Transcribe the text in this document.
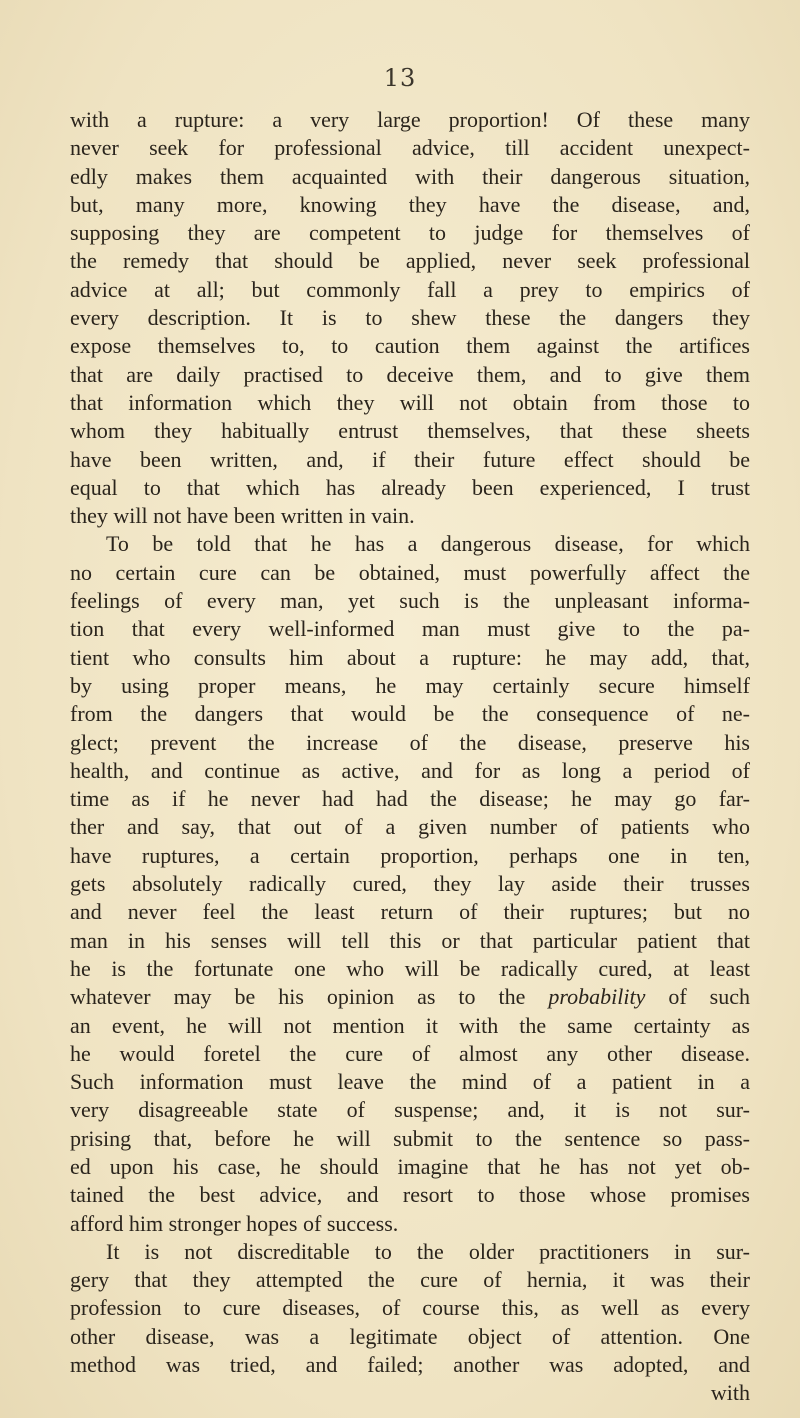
13
with a rupture: a very large proportion! Of these many
never seek for professional advice, till accident unexpect-
edly makes them acquainted with their dangerous situation,
but, many more, knowing they have the disease, and,
supposing they are competent to judge for themselves of
the remedy that should be applied, never seek professional
advice at all; but commonly fall a prey to empirics of
every description. It is to shew these the dangers they
expose themselves to, to caution them against the artifices
that are daily practised to deceive them, and to give them
that information which they will not obtain from those to
whom they habitually entrust themselves, that these sheets
have been written, and, if their future effect should be
equal to that which has already been experienced, I trust
they will not have been written in vain.
To be told that he has a dangerous disease, for which
no certain cure can be obtained, must powerfully affect the
feelings of every man, yet such is the unpleasant informa-
tion that every well-informed man must give to the pa-
tient who consults him about a rupture: he may add, that,
by using proper means, he may certainly secure himself
from the dangers that would be the consequence of ne-
glect; prevent the increase of the disease, preserve his
health, and continue as active, and for as long a period of
time as if he never had had the disease; he may go far-
ther and say, that out of a given number of patients who
have ruptures, a certain proportion, perhaps one in ten,
gets absolutely radically cured, they lay aside their trusses
and never feel the least return of their ruptures; but no
man in his senses will tell this or that particular patient that
he is the fortunate one who will be radically cured, at least
whatever may be his opinion as to the probability of such
an event, he will not mention it with the same certainty as
he would foretel the cure of almost any other disease.
Such information must leave the mind of a patient in a
very disagreeable state of suspense; and, it is not sur-
prising that, before he will submit to the sentence so pass-
ed upon his case, he should imagine that he has not yet ob-
tained the best advice, and resort to those whose promises
afford him stronger hopes of success.
It is not discreditable to the older practitioners in sur-
gery that they attempted the cure of hernia, it was their
profession to cure diseases, of course this, as well as every
other disease, was a legitimate object of attention. One
method was tried, and failed; another was adopted, and
with
